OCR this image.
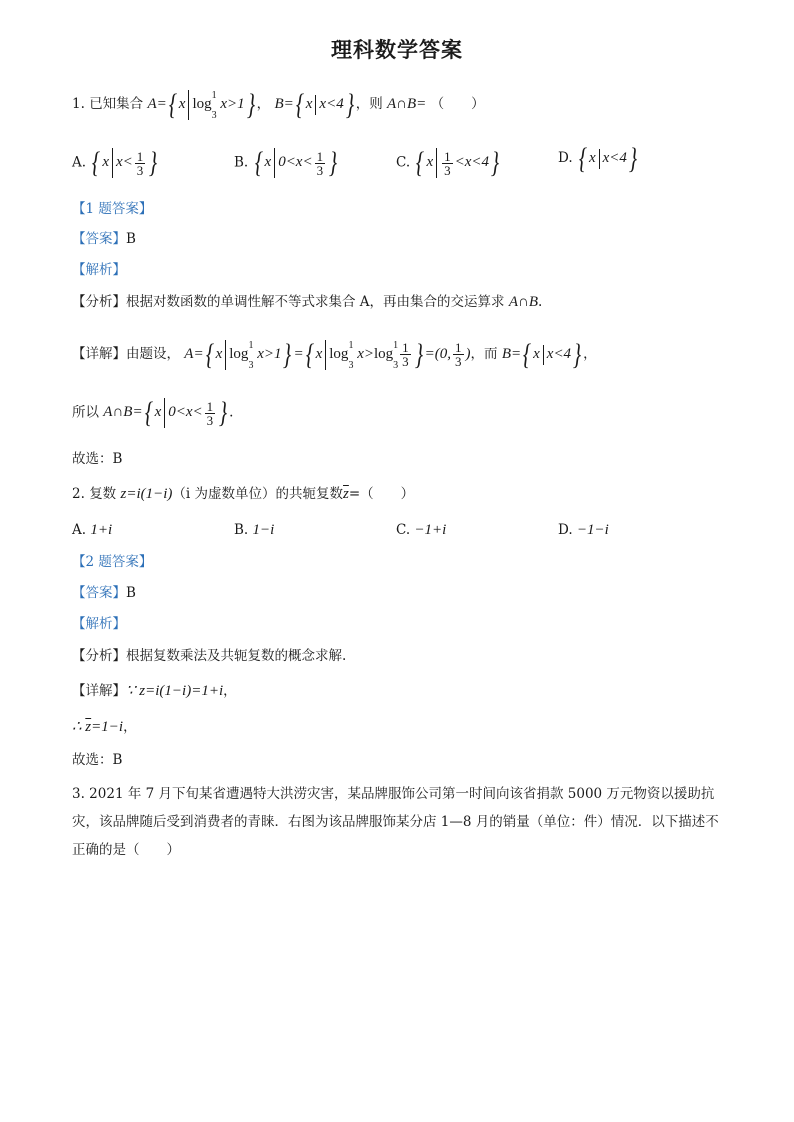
理科数学答案
1. 已知集合 A={ x log1
3 x>1} ， B={ x x<4} ，则 A∩B= （　　）
A. { x $x< \frac{1}{3}$ }	B. { x $0<x< \frac{1}{3}$ }	C. { x $\frac{1}{3} <x<4$}	D. { x x<4}
【1 题答案】
【答案】B
【解析】
【分析】根据对数函数的单调性解不等式求集合 A，再由集合的交运算求 A∩B.
【详解】由题设， A={ x log1
3 x>1} ={ x log1
3 x>log1
$3 \frac{1}{3}$ } =(0, $\frac{1}{3}$ )，而 B={ x x<4} ，
所以 A∩B={ x $0<x< \frac{1}{3}$ } .
故选：B
2. 复数 z=i(1−i)（i 为虚数单位）的共轭复数$\overline{z}=$（　　）
A. 1+i	B. 1−i	C. −1+i	D. −1−i
【2 题答案】
【答案】B
【解析】
【分析】根据复数乘法及共轭复数的概念求解.
【详解】∵ z=i(1−i)=1+i，
∴ $\overline{z}=1-i$，
故选：B
3. 2021 年 7 月下旬某省遭遇特大洪涝灾害，某品牌服饰公司第一时间向该省捐款 5000 万元物资以援助抗灾，该品牌随后受到消费者的青睐．右图为该品牌服饰某分店 1—8 月的销量（单位：件）情况．以下描述不正确的是（　　）
